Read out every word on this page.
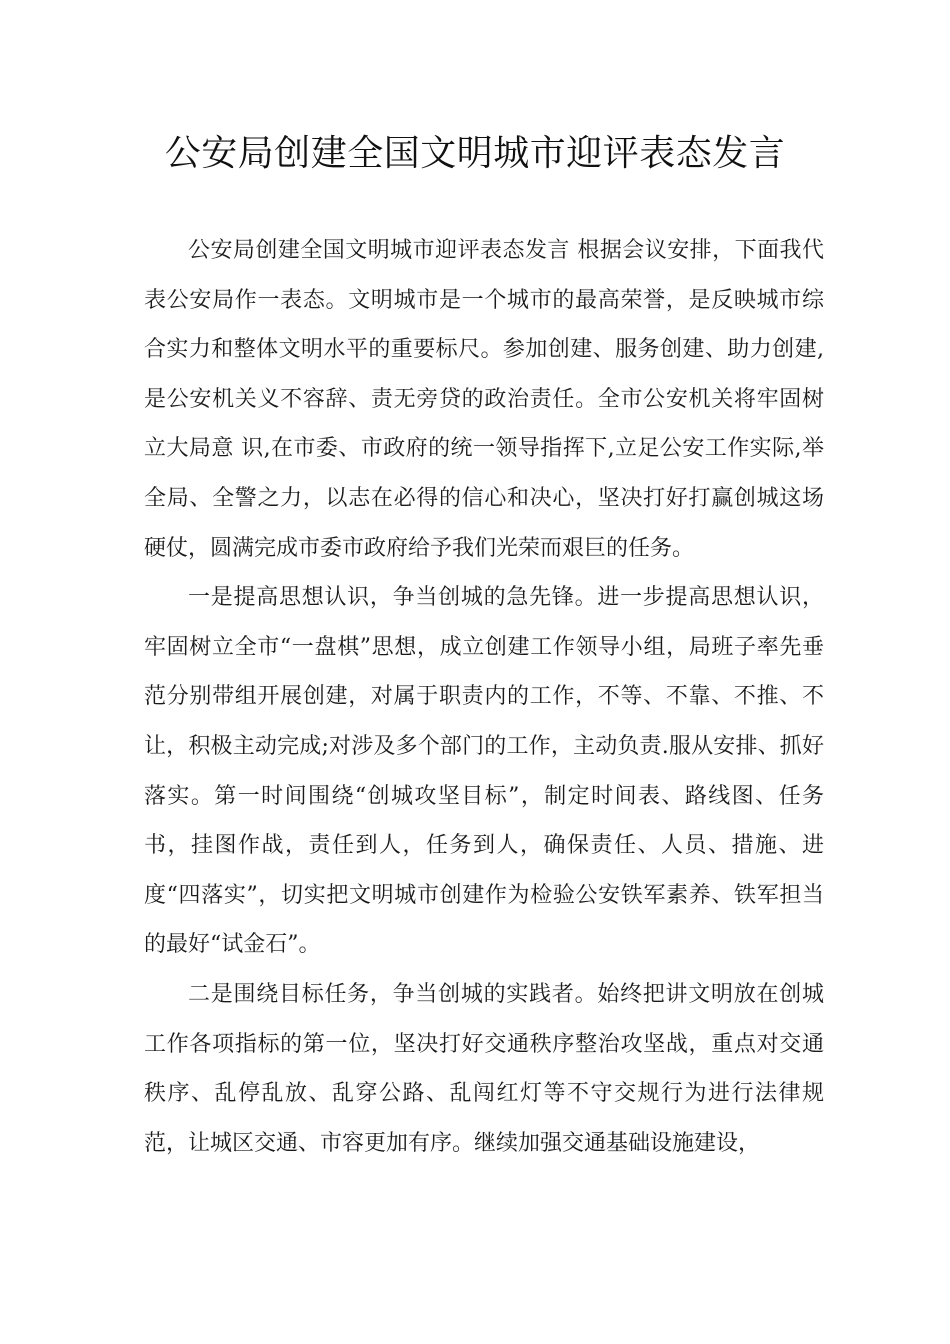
公安局创建全国文明城市迎评表态发言

公安局创建全国文明城市迎评表态发言 根据会议安排，下面我代表公安局作一表态。文明城市是一个城市的最高荣誉，是反映城市综合实力和整体文明水平的重要标尺。参加创建、服务创建、助力创建,是公安机关义不容辞、责无旁贷的政治责任。全市公安机关将牢固树立大局意 识,在市委、市政府的统一领导指挥下,立足公安工作实际,举全局、全警之力，以志在必得的信心和决心，坚决打好打赢创城这场硬仗，圆满完成市委市政府给予我们光荣而艰巨的任务。

一是提高思想认识，争当创城的急先锋。进一步提高思想认识，牢固树立全市“一盘棋”思想，成立创建工作领导小组，局班子率先垂范分别带组开展创建，对属于职责内的工作，不等、不靠、不推、不让，积极主动完成;对涉及多个部门的工作，主动负责.服从安排、抓好落实。第一时间围绕“创城攻坚目标”，制定时间表、路线图、任务书，挂图作战，责任到人，任务到人，确保责任、人员、措施、进度“四落实”，切实把文明城市创建作为检验公安铁军素养、铁军担当的最好“试金石”。

二是围绕目标任务，争当创城的实践者。始终把讲文明放在创城工作各项指标的第一位，坚决打好交通秩序整治攻坚战，重点对交通秩序、乱停乱放、乱穿公路、乱闯红灯等不守交规行为进行法律规范，让城区交通、市容更加有序。继续加强交通基础设施建设，
